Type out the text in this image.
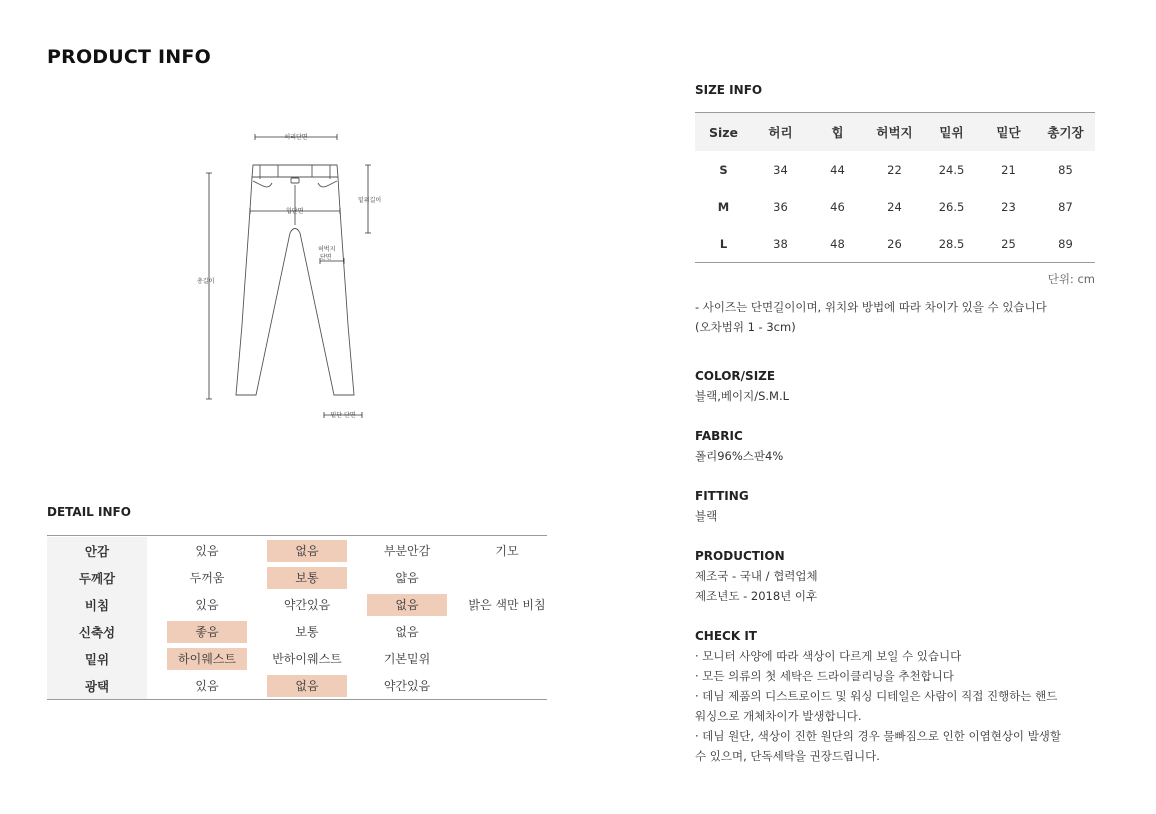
PRODUCT INFO
허리단면
밑위길이
힙단면
허벅지
단면
총길이
밑단 단면
DETAIL INFO
안감	있음	없음	부분안감	기모
두께감	두꺼움	보통	얇음
비침	있음	약간있음	없음	밝은 색만 비침
신축성	좋음	보통	없음
밑위	하이웨스트	반하이웨스트	기본밑위
광택	있음	없음	약간있음
SIZE INFO
Size	허리	힙	허벅지	밑위	밑단	총기장
S	34	44	22	24.5	21	85
M	36	46	24	26.5	23	87
L	38	48	26	28.5	25	89
단위: cm
- 사이즈는 단면길이이며, 위치와 방법에 따라 차이가 있을 수 있습니다
(오차범위 1 - 3cm)
COLOR/SIZE
블랙,베이지/S.M.L
FABRIC
폴리96%스판4%
FITTING
블랙
PRODUCTION
제조국 - 국내 / 협력업체
제조년도 - 2018년 이후
CHECK IT
· 모니터 사양에 따라 색상이 다르게 보일 수 있습니다
· 모든 의류의 첫 세탁은 드라이클리닝을 추천합니다
· 데님 제품의 디스트로이드 및 워싱 디테일은 사람이 직접 진행하는 핸드
워싱으로 개체차이가 발생합니다.
· 데님 원단, 색상이 진한 원단의 경우 물빠짐으로 인한 이염현상이 발생할
수 있으며, 단독세탁을 권장드립니다.
